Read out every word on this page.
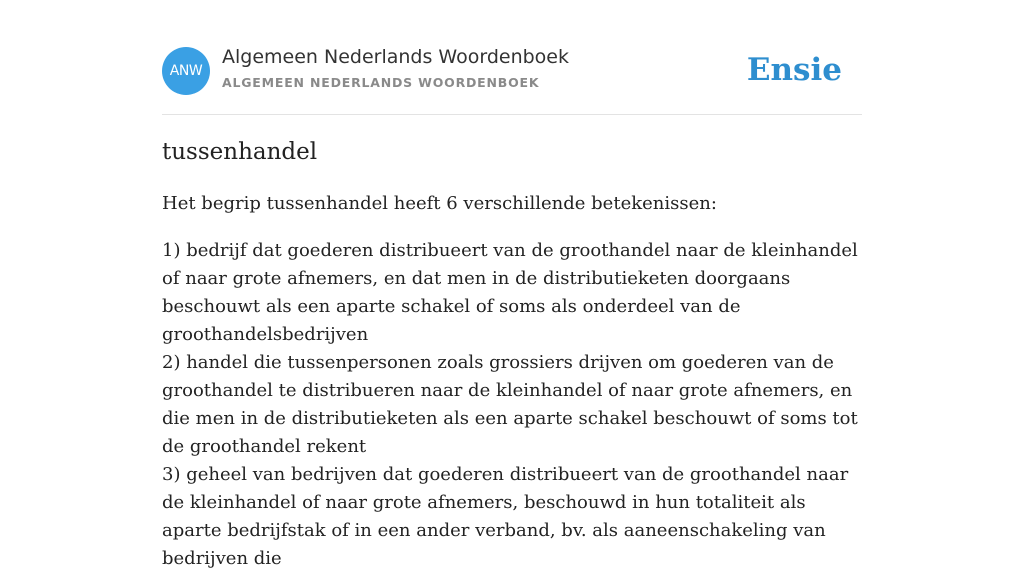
ANW
Algemeen Nederlands Woordenboek
ALGEMEEN NEDERLANDS WOORDENBOEK	Ensie
tussenhandel

Het begrip tussenhandel heeft 6 verschillende betekenissen:

1) bedrijf dat goederen distribueert van de groothandel naar de kleinhandel of naar grote afnemers, en dat men in de distributieketen doorgaans beschouwt als een aparte schakel of soms als onderdeel van de groothandelsbedrijven
2) handel die tussenpersonen zoals grossiers drijven om goederen van de groothandel te distribueren naar de kleinhandel of naar grote afnemers, en die men in de distributieketen als een aparte schakel beschouwt of soms tot de groothandel rekent
3) geheel van bedrijven dat goederen distribueert van de groothandel naar de kleinhandel of naar grote afnemers, beschouwd in hun totaliteit als aparte bedrijfstak of in een ander verband, bv. als aaneenschakeling van bedrijven die
